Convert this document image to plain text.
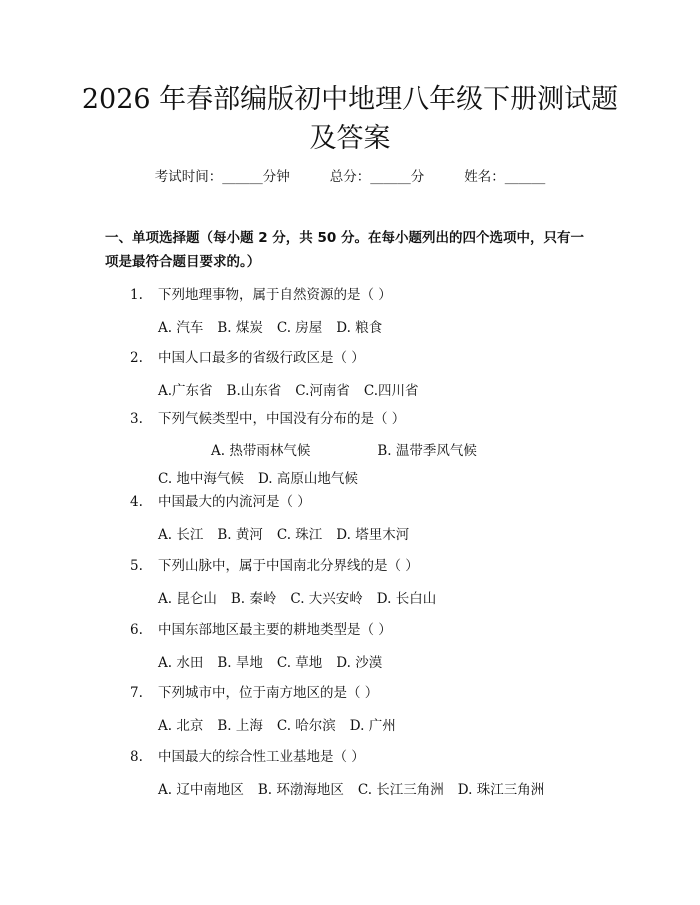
2026 年春部编版初中地理八年级下册测试题
及答案
考试时间：______分钟	总分：______分	姓名：______
一、单项选择题（每小题 2 分，共 50 分。在每小题列出的四个选项中，只有一项是最符合题目要求的。）
1.	下列地理事物，属于自然资源的是（ ）
A. 汽车 B. 煤炭 C. 房屋 D. 粮食
2.	中国人口最多的省级行政区是（ ）
A.广东省 B.山东省 C.河南省 C.四川省
3.	下列气候类型中，中国没有分布的是（ ）
A. 热带雨林气候	B. 温带季风气候C. 地中海气候 D. 高原山地气候
4.	中国最大的内流河是（ ）
A. 长江 B. 黄河 C. 珠江 D. 塔里木河
5.	下列山脉中，属于中国南北分界线的是（ ）
A. 昆仑山 B. 秦岭 C. 大兴安岭 D. 长白山
6.	中国东部地区最主要的耕地类型是（ ）
A. 水田 B. 旱地 C. 草地 D. 沙漠
7.	下列城市中，位于南方地区的是（ ）
A. 北京 B. 上海 C. 哈尔滨 D. 广州
8.	中国最大的综合性工业基地是（ ）
A. 辽中南地区 B. 环渤海地区 C. 长江三角洲 D. 珠江三角洲
